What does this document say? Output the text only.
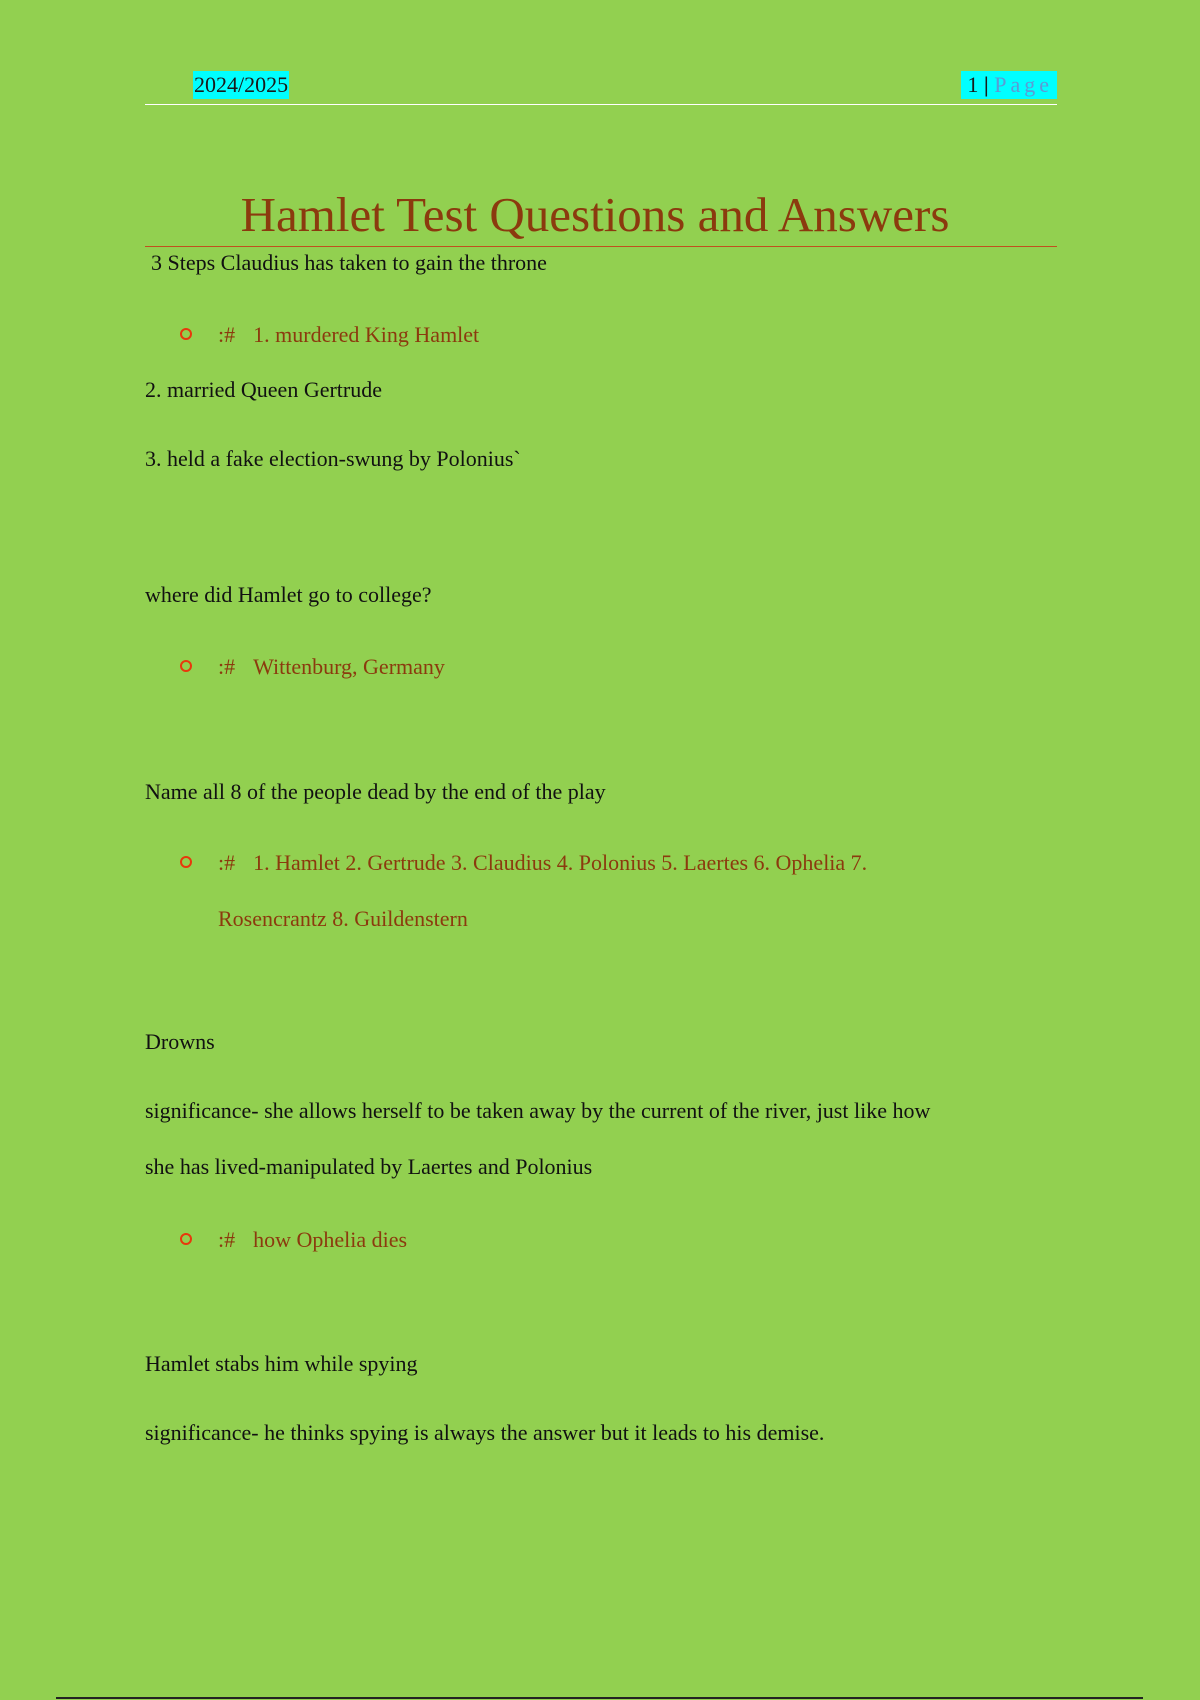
2024/2025	1 | Page
Hamlet Test Questions and Answers
3 Steps Claudius has taken to gain the throne
:# 1. murdered King Hamlet
2. married Queen Gertrude
3. held a fake election-swung by Polonius`
where did Hamlet go to college?
:# Wittenburg, Germany
Name all 8 of the people dead by the end of the play
:# 1. Hamlet 2. Gertrude 3. Claudius 4. Polonius 5. Laertes 6. Ophelia 7.
Rosencrantz 8. Guildenstern
Drowns
significance- she allows herself to be taken away by the current of the river, just like how
she has lived-manipulated by Laertes and Polonius
:# how Ophelia dies
Hamlet stabs him while spying
significance- he thinks spying is always the answer but it leads to his demise.
